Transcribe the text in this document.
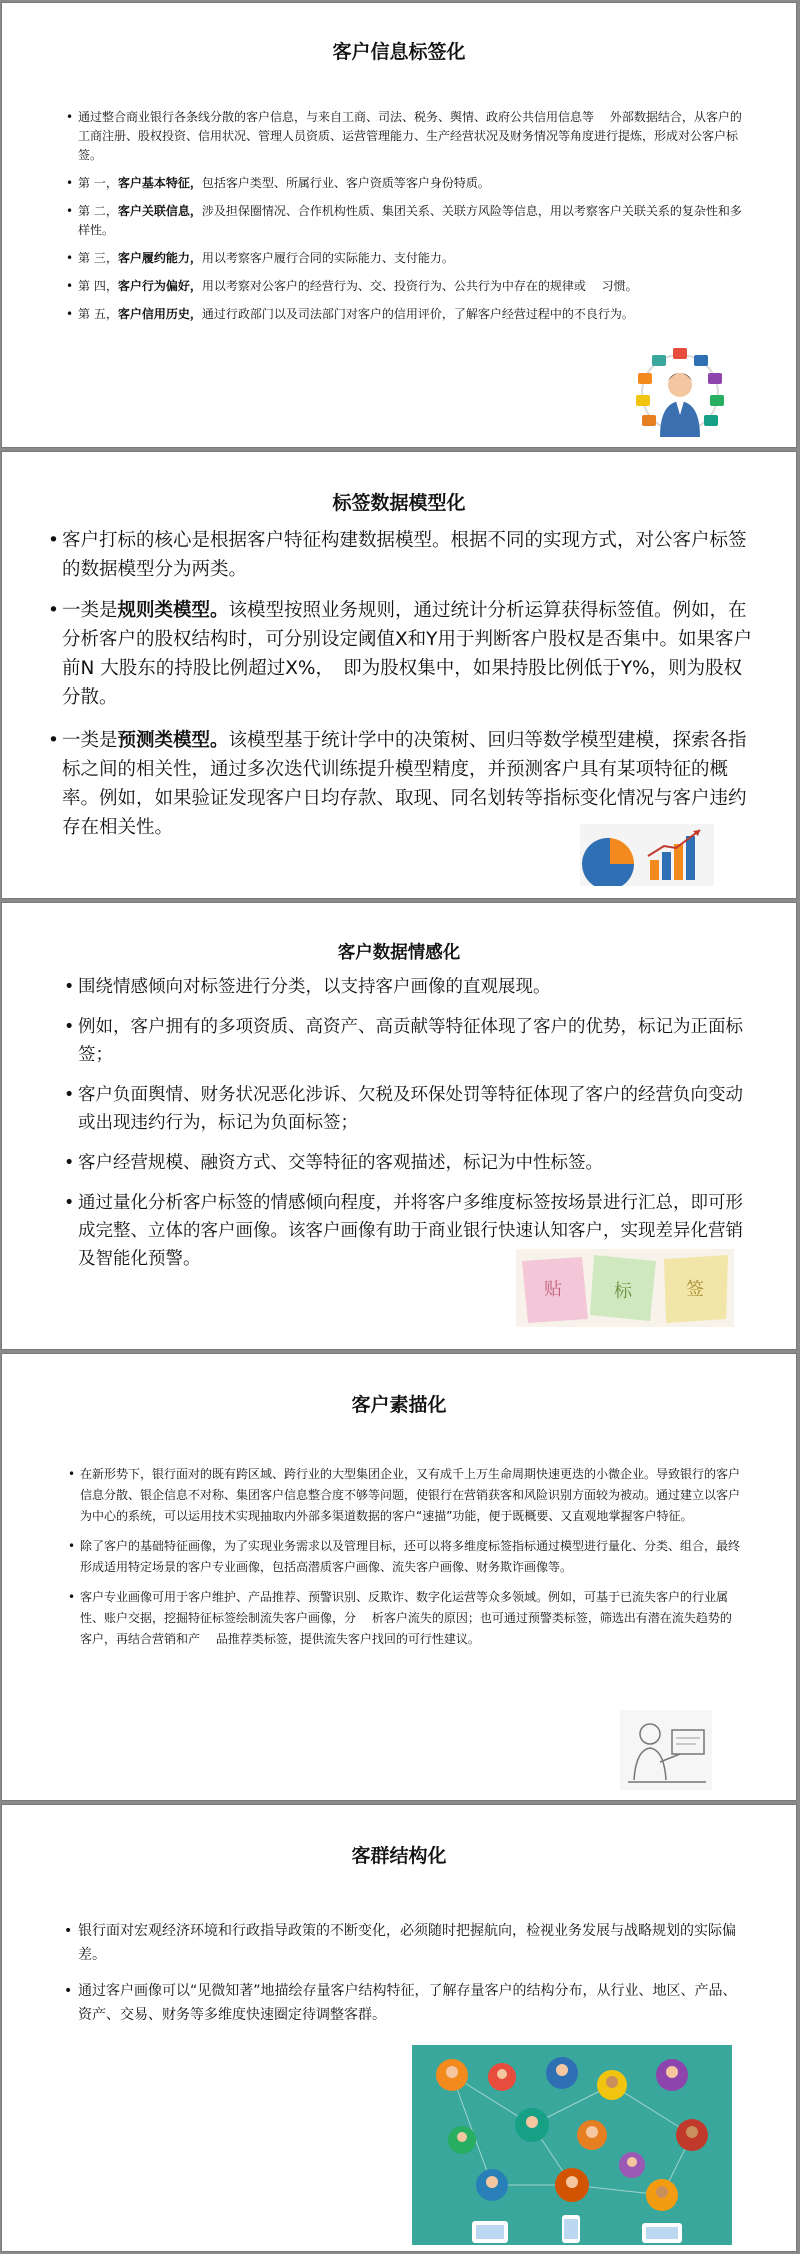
客户信息标签化
• 通过整合商业银行各条线分散的客户信息，与来自工商、司法、税务、舆情、政府公共信用信息等　 外部数据结合，从客户的工商注册、股权投资、信用状况、管理人员资质、运营管理能力、生产经营状况及财务情况等角度进行提炼，形成对公客户标签。
• 第 一，客户基本特征，包括客户类型、所属行业、客户资质等客户身份特质。
• 第 二，客户关联信息，涉及担保圈情况、合作机构性质、集团关系、关联方风险等信息，用以考察客户关联关系的复杂性和多样性。
• 第 三，客户履约能力，用以考察客户履行合同的实际能力、支付能力。
• 第 四，客户行为偏好，用以考察对公客户的经营行为、交、投资行为、公共行为中存在的规律或　 习惯。
• 第 五，客户信用历史，通过行政部门以及司法部门对客户的信用评价，了解客户经营过程中的不良行为。
标签数据模型化
• 客户打标的核心是根据客户特征构建数据模型。根据不同的实现方式，对公客户标签的数据模型分为两类。
• 一类是规则类模型。该模型按照业务规则，通过统计分析运算获得标签值。例如，在分析客户的股权结构时，可分别设定阈值X和Y用于判断客户股权是否集中。如果客户前N 大股东的持股比例超过X%，　即为股权集中，如果持股比例低于Y%，则为股权分散。
• 一类是预测类模型。该模型基于统计学中的决策树、回归等数学模型建模，探索各指标之间的相关性，通过多次迭代训练提升模型精度，并预测客户具有某项特征的概率。例如，如果验证发现客户日均存款、取现、同名划转等指标变化情况与客户违约存在相关性。
客户数据情感化
• 围绕情感倾向对标签进行分类，以支持客户画像的直观展现。
• 例如，客户拥有的多项资质、高资产、高贡献等特征体现了客户的优势，标记为正面标签；
• 客户负面舆情、财务状况恶化涉诉、欠税及环保处罚等特征体现了客户的经营负向变动或出现违约行为，标记为负面标签；
• 客户经营规模、融资方式、交等特征的客观描述，标记为中性标签。
• 通过量化分析客户标签的情感倾向程度，并将客户多维度标签按场景进行汇总，即可形成完整、立体的客户画像。该客户画像有助于商业银行快速认知客户，实现差异化营销及智能化预警。
贴	标	签
客户素描化
• 在新形势下，银行面对的既有跨区域、跨行业的大型集团企业，又有成千上万生命周期快速更迭的小微企业。导致银行的客户信息分散、银企信息不对称、集团客户信息整合度不够等问题，使银行在营销获客和风险识别方面较为被动。通过建立以客户为中心的系统，可以运用技术实现抽取内外部多渠道数据的客户“速描”功能，便于既概要、又直观地掌握客户特征。
• 除了客户的基础特征画像，为了实现业务需求以及管理目标，还可以将多维度标签指标通过模型进行量化、分类、组合，最终形成适用特定场景的客户专业画像，包括高潜质客户画像、流失客户画像、财务欺诈画像等。
• 客户专业画像可用于客户维护、产品推荐、预警识别、反欺诈、数字化运营等众多领域。例如，可基于已流失客户的行业属性、账户交据，挖掘特征标签绘制流失客户画像，分　 析客户流失的原因；也可通过预警类标签，筛选出有潜在流失趋势的客户，再结合营销和产　 品推荐类标签，提供流失客户找回的可行性建议。
客群结构化
• 银行面对宏观经济环境和行政指导政策的不断变化，必须随时把握航向，检视业务发展与战略规划的实际偏差。
• 通过客户画像可以“见微知著”地描绘存量客户结构特征，了解存量客户的结构分布，从行业、地区、产品、资产、交易、财务等多维度快速圈定待调整客群。
